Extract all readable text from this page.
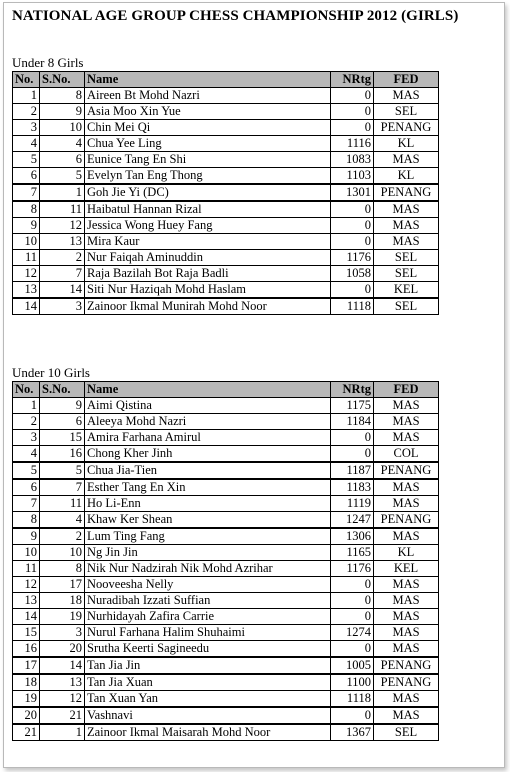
NATIONAL AGE GROUP CHESS CHAMPIONSHIP 2012 (GIRLS)
Under 8 Girls
No.	S.No.	Name	NRtg	FED
1	8	Aireen Bt Mohd Nazri	0	MAS
2	9	Asia Moo Xin Yue	0	SEL
3	10	Chin Mei Qi	0	PENANG
4	4	Chua Yee Ling	1116	KL
5	6	Eunice Tang En Shi	1083	MAS
6	5	Evelyn Tan Eng Thong	1103	KL
7	1	Goh Jie Yi (DC)	1301	PENANG
8	11	Haibatul Hannan Rizal	0	MAS
9	12	Jessica Wong Huey Fang	0	MAS
10	13	Mira Kaur	0	MAS
11	2	Nur Faiqah Aminuddin	1176	SEL
12	7	Raja Bazilah Bot Raja Badli	1058	SEL
13	14	Siti Nur Haziqah Mohd Haslam	0	KEL
14	3	Zainoor Ikmal Munirah Mohd Noor	1118	SEL
Under 10 Girls
No.	S.No.	Name	NRtg	FED
1	9	Aimi Qistina	1175	MAS
2	6	Aleeya Mohd Nazri	1184	MAS
3	15	Amira Farhana Amirul	0	MAS
4	16	Chong Kher Jinh	0	COL
5	5	Chua Jia-Tien	1187	PENANG
6	7	Esther Tang En Xin	1183	MAS
7	11	Ho Li-Enn	1119	MAS
8	4	Khaw Ker Shean	1247	PENANG
9	2	Lum Ting Fang	1306	MAS
10	10	Ng Jin Jin	1165	KL
11	8	Nik Nur Nadzirah Nik Mohd Azrihar	1176	KEL
12	17	Nooveesha Nelly	0	MAS
13	18	Nuradibah Izzati Suffian	0	MAS
14	19	Nurhidayah Zafira Carrie	0	MAS
15	3	Nurul Farhana Halim Shuhaimi	1274	MAS
16	20	Srutha Keerti Sagineedu	0	MAS
17	14	Tan Jia Jin	1005	PENANG
18	13	Tan Jia Xuan	1100	PENANG
19	12	Tan Xuan Yan	1118	MAS
20	21	Vashnavi	0	MAS
21	1	Zainoor Ikmal Maisarah Mohd Noor	1367	SEL
